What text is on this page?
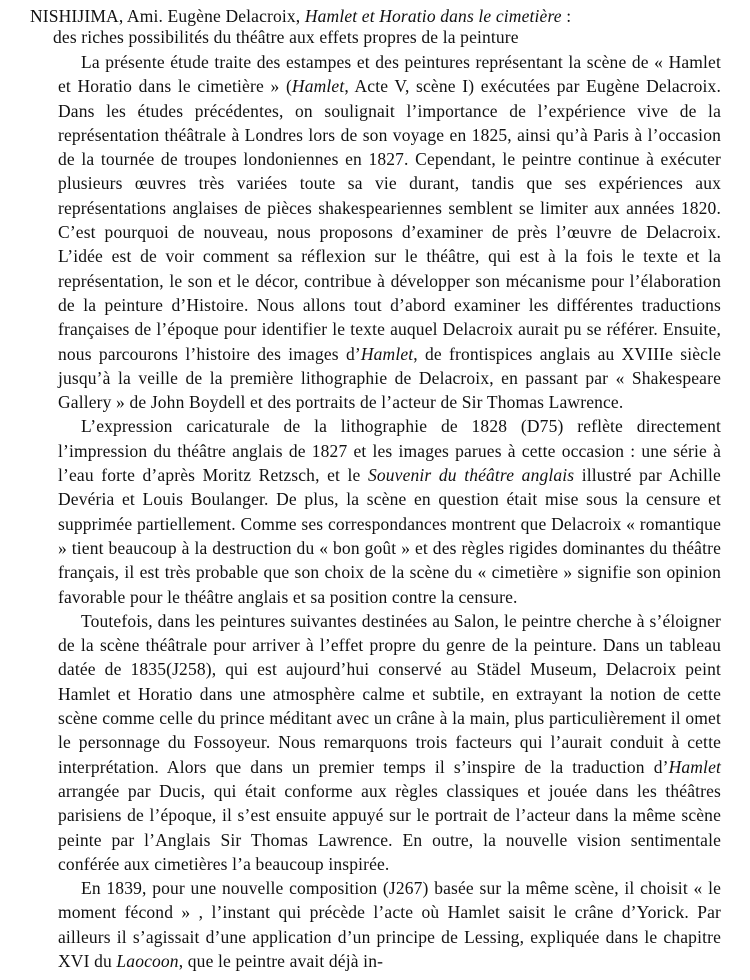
NISHIJIMA, Ami. Eugène Delacroix, Hamlet et Horatio dans le cimetière :
des riches possibilités du théâtre aux effets propres de la peinture

La présente étude traite des estampes et des peintures représentant la scène de « Hamlet et Horatio dans le cimetière » (Hamlet, Acte V, scène I) exécutées par Eugène Delacroix. Dans les études précédentes, on soulignait l’importance de l’expérience vive de la représentation théâtrale à Londres lors de son voyage en 1825, ainsi qu’à Paris à l’occasion de la tournée de troupes londoniennes en 1827. Cependant, le peintre continue à exécuter plusieurs œuvres très variées toute sa vie durant, tandis que ses expériences aux représentations anglaises de pièces shakespeariennes semblent se limiter aux années 1820. C’est pourquoi de nouveau, nous proposons d’examiner de près l’œuvre de Delacroix. L’idée est de voir comment sa réflexion sur le théâtre, qui est à la fois le texte et la représentation, le son et le décor, contribue à développer son mécanisme pour l’élaboration de la peinture d’Histoire. Nous allons tout d’abord examiner les différentes traductions françaises de l’époque pour identifier le texte auquel Delacroix aurait pu se référer. Ensuite, nous parcourons l’histoire des images d’Hamlet, de frontispices anglais au XVIIIe siècle jusqu’à la veille de la première lithographie de Delacroix, en passant par « Shakespeare Gallery » de John Boydell et des portraits de l’acteur de Sir Thomas Lawrence.

L’expression caricaturale de la lithographie de 1828 (D75) reflète directement l’impression du théâtre anglais de 1827 et les images parues à cette occasion : une série à l’eau forte d’après Moritz Retzsch, et le Souvenir du théâtre anglais illustré par Achille Devéria et Louis Boulanger. De plus, la scène en question était mise sous la censure et supprimée partiellement. Comme ses correspondances montrent que Delacroix « romantique » tient beaucoup à la destruction du « bon goût » et des règles rigides dominantes du théâtre français, il est très probable que son choix de la scène du « cimetière » signifie son opinion favorable pour le théâtre anglais et sa position contre la censure.

Toutefois, dans les peintures suivantes destinées au Salon, le peintre cherche à s’éloigner de la scène théâtrale pour arriver à l’effet propre du genre de la peinture. Dans un tableau datée de 1835(J258), qui est aujourd’hui conservé au Städel Museum, Delacroix peint Hamlet et Horatio dans une atmosphère calme et subtile, en extrayant la notion de cette scène comme celle du prince méditant avec un crâne à la main, plus particulièrement il omet le personnage du Fossoyeur. Nous remarquons trois facteurs qui l’aurait conduit à cette interprétation. Alors que dans un premier temps il s’inspire de la traduction d’Hamlet arrangée par Ducis, qui était conforme aux règles classiques et jouée dans les théâtres parisiens de l’époque, il s’est ensuite appuyé sur le portrait de l’acteur dans la même scène peinte par l’Anglais Sir Thomas Lawrence. En outre, la nouvelle vision sentimentale conférée aux cimetières l’a beaucoup inspirée.

En 1839, pour une nouvelle composition (J267) basée sur la même scène, il choisit « le moment fécond » , l’instant qui précède l’acte où Hamlet saisit le crâne d’Yorick. Par ailleurs il s’agissait d’une application d’un principe de Lessing, expliquée dans le chapitre XVI du Laocoon, que le peintre avait déjà in-
